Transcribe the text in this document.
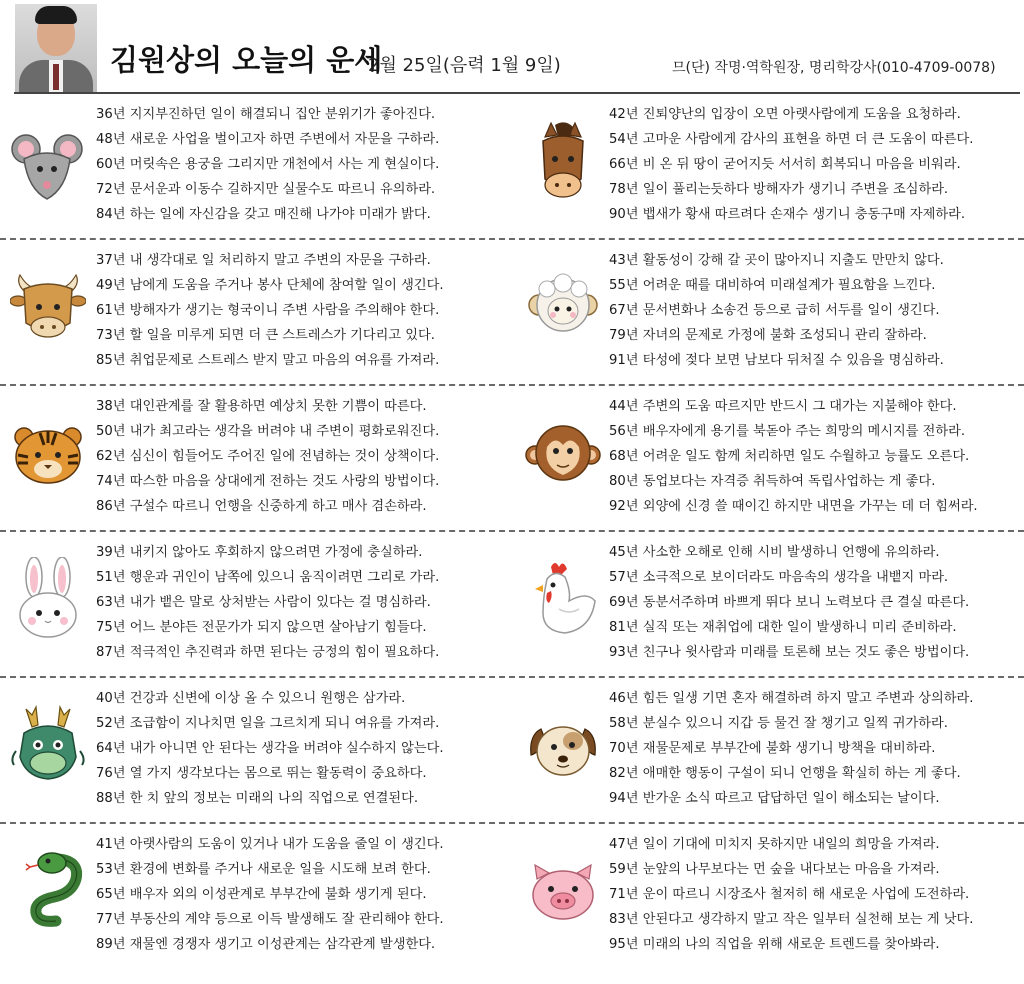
김원상의 오늘의 운세
2월 25일(음력 1월 9일)	므(단) 작명·역학원장, 명리학강사(010-4709-0078)
36년 지지부진하던 일이 해결되니 집안 분위기가 좋아진다.
48년 새로운 사업을 벌이고자 하면 주변에서 자문을 구하라.
60년 머릿속은 용궁을 그리지만 개천에서 사는 게 현실이다.
72년 문서운과 이동수 길하지만 실물수도 따르니 유의하라.
84년 하는 일에 자신감을 갖고 매진해 나가야 미래가 밝다.
42년 진퇴양난의 입장이 오면 아랫사람에게 도움을 요청하라.
54년 고마운 사람에게 감사의 표현을 하면 더 큰 도움이 따른다.
66년 비 온 뒤 땅이 굳어지듯 서서히 회복되니 마음을 비워라.
78년 일이 풀리는듯하다 방해자가 생기니 주변을 조심하라.
90년 뱁새가 황새 따르려다 손재수 생기니 충동구매 자제하라.
37년 내 생각대로 일 처리하지 말고 주변의 자문을 구하라.
49년 남에게 도움을 주거나 봉사 단체에 참여할 일이 생긴다.
61년 방해자가 생기는 형국이니 주변 사람을 주의해야 한다.
73년 할 일을 미루게 되면 더 큰 스트레스가 기다리고 있다.
85년 취업문제로 스트레스 받지 말고 마음의 여유를 가져라.
43년 활동성이 강해 갈 곳이 많아지니 지출도 만만치 않다.
55년 어려운 때를 대비하여 미래설계가 필요함을 느낀다.
67년 문서변화나 소송건 등으로 급히 서두를 일이 생긴다.
79년 자녀의 문제로 가정에 불화 조성되니 관리 잘하라.
91년 타성에 젖다 보면 남보다 뒤처질 수 있음을 명심하라.
38년 대인관계를 잘 활용하면 예상치 못한 기쁨이 따른다.
50년 내가 최고라는 생각을 버려야 내 주변이 평화로워진다.
62년 심신이 힘들어도 주어진 일에 전념하는 것이 상책이다.
74년 따스한 마음을 상대에게 전하는 것도 사랑의 방법이다.
86년 구설수 따르니 언행을 신중하게 하고 매사 겸손하라.
44년 주변의 도움 따르지만 반드시 그 대가는 지불해야 한다.
56년 배우자에게 용기를 북돋아 주는 희망의 메시지를 전하라.
68년 어려운 일도 함께 처리하면 일도 수월하고 능률도 오른다.
80년 동업보다는 자격증 취득하여 독립사업하는 게 좋다.
92년 외양에 신경 쓸 때이긴 하지만 내면을 가꾸는 데 더 힘써라.
39년 내키지 않아도 후회하지 않으려면 가정에 충실하라.
51년 행운과 귀인이 남쪽에 있으니 움직이려면 그리로 가라.
63년 내가 뱉은 말로 상처받는 사람이 있다는 걸 명심하라.
75년 어느 분야든 전문가가 되지 않으면 살아남기 힘들다.
87년 적극적인 추진력과 하면 된다는 긍정의 힘이 필요하다.
45년 사소한 오해로 인해 시비 발생하니 언행에 유의하라.
57년 소극적으로 보이더라도 마음속의 생각을 내뱉지 마라.
69년 동분서주하며 바쁘게 뛰다 보니 노력보다 큰 결실 따른다.
81년 실직 또는 재취업에 대한 일이 발생하니 미리 준비하라.
93년 친구나 윗사람과 미래를 토론해 보는 것도 좋은 방법이다.
40년 건강과 신변에 이상 올 수 있으니 원행은 삼가라.
52년 조급함이 지나치면 일을 그르치게 되니 여유를 가져라.
64년 내가 아니면 안 된다는 생각을 버려야 실수하지 않는다.
76년 열 가지 생각보다는 몸으로 뛰는 활동력이 중요하다.
88년 한 치 앞의 정보는 미래의 나의 직업으로 연결된다.
46년 힘든 일생 기면 혼자 해결하려 하지 말고 주변과 상의하라.
58년 분실수 있으니 지갑 등 물건 잘 챙기고 일찍 귀가하라.
70년 재물문제로 부부간에 불화 생기니 방책을 대비하라.
82년 애매한 행동이 구설이 되니 언행을 확실히 하는 게 좋다.
94년 반가운 소식 따르고 답답하던 일이 해소되는 날이다.
41년 아랫사람의 도움이 있거나 내가 도움을 줄일 이 생긴다.
53년 환경에 변화를 주거나 새로운 일을 시도해 보려 한다.
65년 배우자 외의 이성관계로 부부간에 불화 생기게 된다.
77년 부동산의 계약 등으로 이득 발생해도 잘 관리해야 한다.
89년 재물엔 경쟁자 생기고 이성관계는 삼각관계 발생한다.
47년 일이 기대에 미치지 못하지만 내일의 희망을 가져라.
59년 눈앞의 나무보다는 먼 숲을 내다보는 마음을 가져라.
71년 운이 따르니 시장조사 철저히 해 새로운 사업에 도전하라.
83년 안된다고 생각하지 말고 작은 일부터 실천해 보는 게 낫다.
95년 미래의 나의 직업을 위해 새로운 트렌드를 찾아봐라.
